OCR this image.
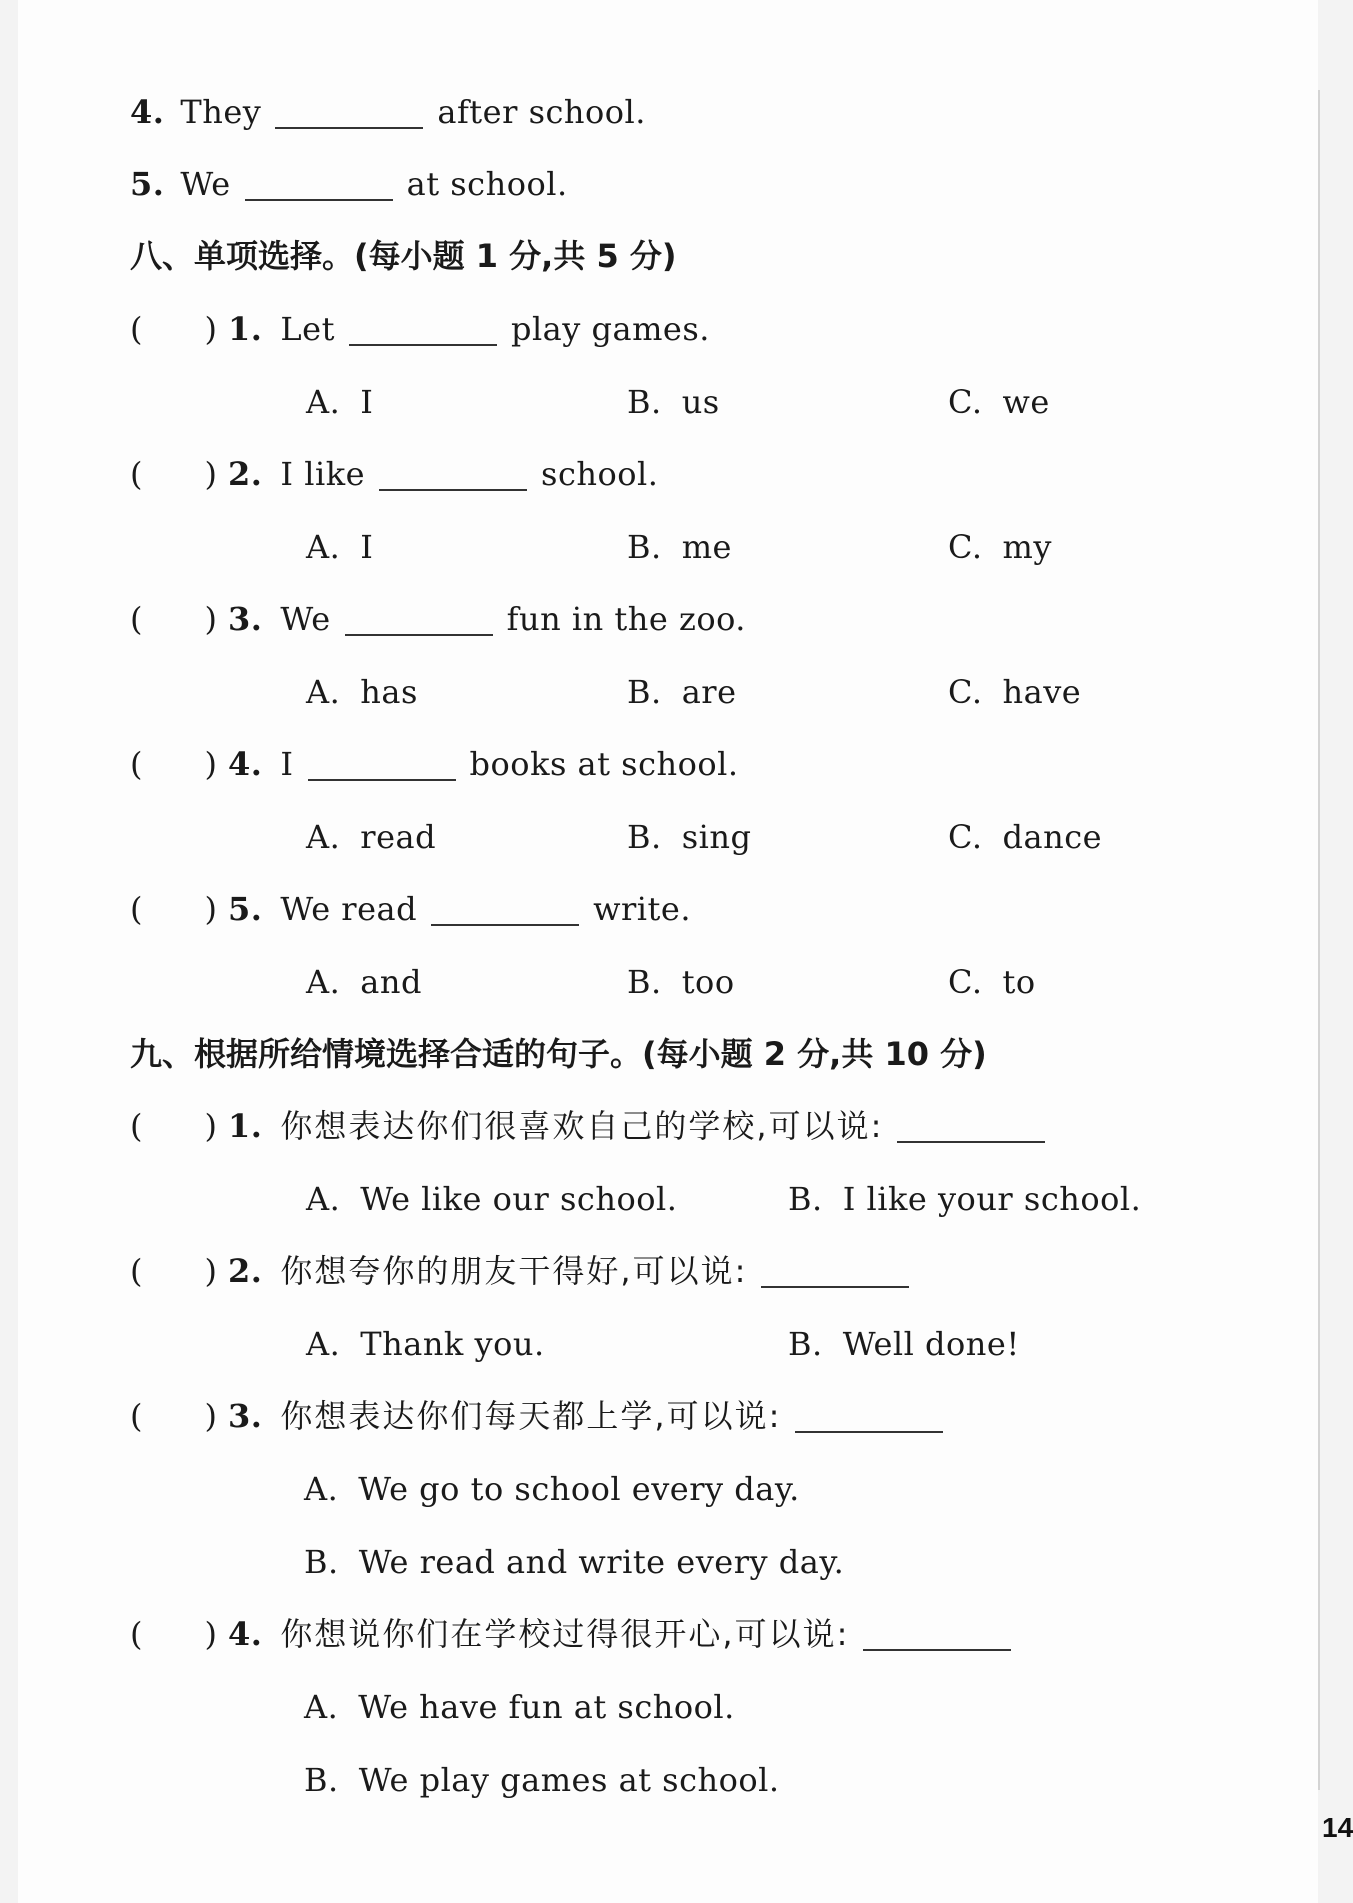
4. They	after school.
5. We	at school.
八、单项选择。(每小题 1 分,共 5 分)
( ) 1. Let	play games.
A. I	B. us	C. we
( ) 2. I like	school.
A. I	B. me	C. my
( ) 3. We	fun in the zoo.
A. has	B. are	C. have
( ) 4. I	books at school.
A. read	B. sing	C. dance
( ) 5. We read	write.
A. and	B. too	C. to
九、根据所给情境选择合适的句子。(每小题 2 分,共 10 分)
( ) 1. 你想表达你们很喜欢自己的学校,可以说:
A. We like our school.	B. I like your school.
( ) 2. 你想夸你的朋友干得好,可以说:
A. Thank you.	B. Well done!
( ) 3. 你想表达你们每天都上学,可以说:
A. We go to school every day.
B. We read and write every day.
( ) 4. 你想说你们在学校过得很开心,可以说:
A. We have fun at school.
B. We play games at school.
14
